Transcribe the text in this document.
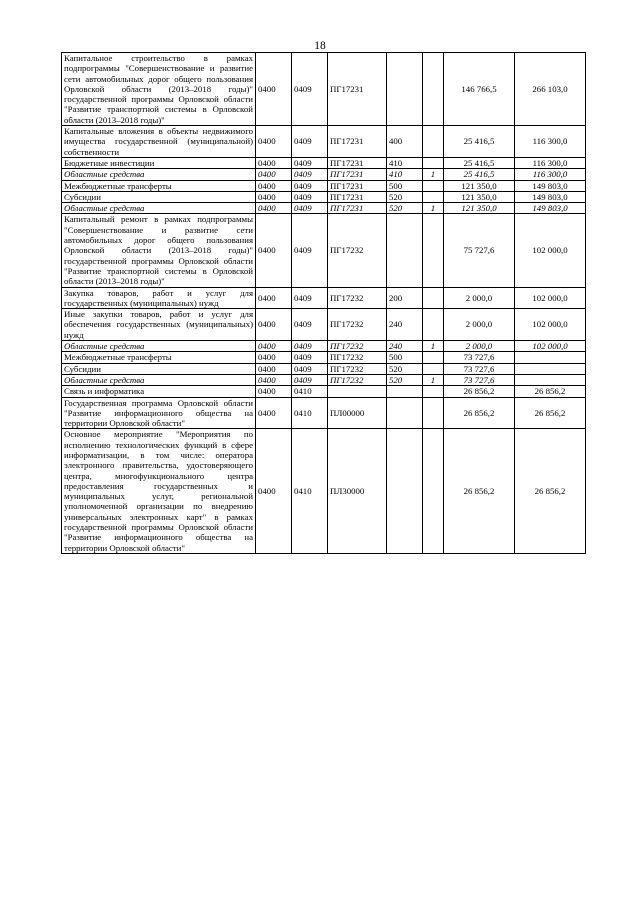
18
Капитальное строительство в рамках подпрограммы "Совершенствование и развитие сети автомобильных дорог общего пользования Орловской области (2013–2018 годы)" государственной программы Орловской области "Развитие транспортной системы в Орловской области (2013–2018 годы)"	0400	0409	ПГ17231			146 766,5	266 103,0
Капитальные вложения в объекты недвижимого имущества государственной (муниципальной) собственности	0400	0409	ПГ17231	400		25 416,5	116 300,0
Бюджетные инвестиции	0400	0409	ПГ17231	410		25 416,5	116 300,0
Областные средства	0400	0409	ПГ17231	410	1	25 416,5	116 300,0
Межбюджетные трансферты	0400	0409	ПГ17231	500		121 350,0	149 803,0
Субсидии	0400	0409	ПГ17231	520		121 350,0	149 803,0
Областные средства	0400	0409	ПГ17231	520	1	121 350,0	149 803,0
Капитальный ремонт в рамках подпрограммы "Совершенствование и развитие сети автомобильных дорог общего пользования Орловской области (2013–2018 годы)" государственной программы Орловской области "Развитие транспортной системы в Орловской области (2013–2018 годы)"	0400	0409	ПГ17232			75 727,6	102 000,0
Закупка товаров, работ и услуг для государственных (муниципальных) нужд	0400	0409	ПГ17232	200		2 000,0	102 000,0
Иные закупки товаров, работ и услуг для обеспечения государственных (муниципальных) нужд	0400	0409	ПГ17232	240		2 000,0	102 000,0
Областные средства	0400	0409	ПГ17232	240	1	2 000,0	102 000,0
Межбюджетные трансферты	0400	0409	ПГ17232	500		73 727,6	
Субсидии	0400	0409	ПГ17232	520		73 727,6	
Областные средства	0400	0409	ПГ17232	520	1	73 727,6	
Связь и информатика	0400	0410				26 856,2	26 856,2
Государственная программа Орловской области "Развитие информационного общества на территории Орловской области"	0400	0410	ПЛ00000			26 856,2	26 856,2
Основное мероприятие "Мероприятия по исполнению технологических функций в сфере информатизации, в том числе: оператора электронного правительства, удостоверяющего центра, многофункционального центра предоставления государственных и муниципальных услуг, региональной уполномоченной организации по внедрению универсальных электронных карт" в рамках государственной программы Орловской области "Развитие информационного общества на территории Орловской области"	0400	0410	ПЛ30000			26 856,2	26 856,2
